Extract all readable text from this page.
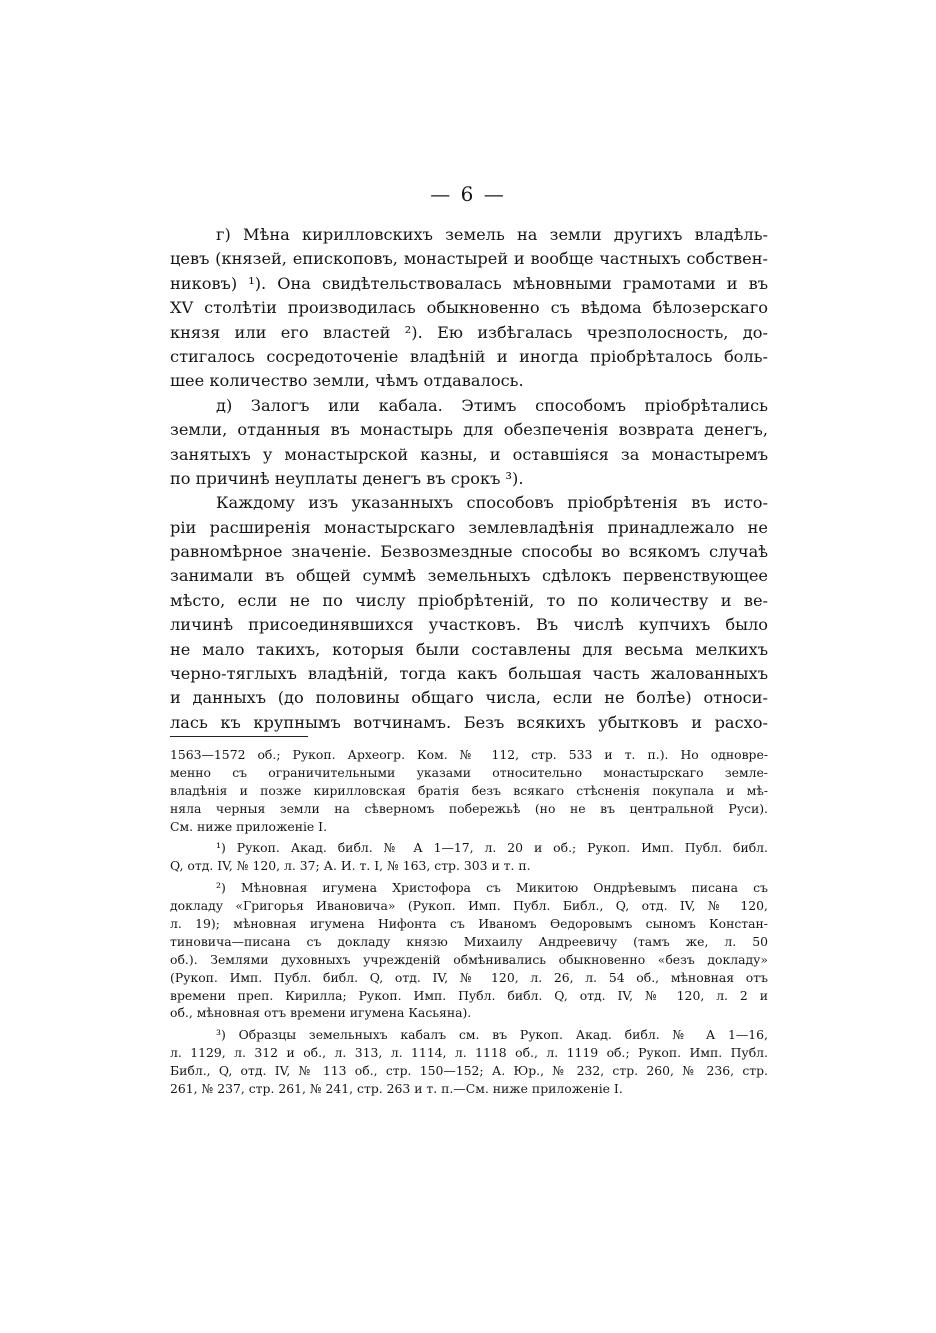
— 6 —
г) Мѣна кирилловскихъ земель на земли другихъ владѣль-
цевъ (князей, епископовъ, монастырей и вообще частныхъ собствен-
никовъ) ¹). Она свидѣтельствовалась мѣновными грамотами и въ
XV столѣтіи производилась обыкновенно съ вѣдома бѣлозерскаго
князя или его властей ²). Ею избѣгалась чрезполосность, до-
стигалось сосредоточеніе владѣній и иногда пріобрѣталось боль-
шее количество земли, чѣмъ отдавалось.
д) Залогъ или кабала. Этимъ способомъ пріобрѣтались
земли, отданныя въ монастырь для обезпеченія возврата денегъ,
занятыхъ у монастырской казны, и оставшіяся за монастыремъ
по причинѣ неуплаты денегъ въ срокъ ³).
Каждому изъ указанныхъ способовъ пріобрѣтенія въ исто-
ріи расширенія монастырскаго землевладѣнія принадлежало не
равномѣрное значеніе. Безвозмездные способы во всякомъ случаѣ
занимали въ общей суммѣ земельныхъ сдѣлокъ первенствующее
мѣсто, если не по числу пріобрѣтеній, то по количеству и ве-
личинѣ присоединявшихся участковъ. Въ числѣ купчихъ было
не мало такихъ, которыя были составлены для весьма мелкихъ
черно-тяглыхъ владѣній, тогда какъ большая часть жалованныхъ
и данныхъ (до половины общаго числа, если не болѣе) относи-
лась къ крупнымъ вотчинамъ. Безъ всякихъ убытковъ и расхо-
1563—1572 об.; Рукоп. Археогр. Ком. № 112, стр. 533 и т. п.). Но одноврe-
менно съ ограничительными указами относительно монастырскаго земле-
владѣнія и позже кирилловская братія безъ всякаго стѣсненія покупала и мѣ-
няла черныя земли на сѣверномъ побережьѣ (но не въ центральной Руси).
См. ниже приложеніе I.
¹) Рукоп. Акад. библ. № А 1—17, л. 20 и об.; Рукоп. Имп. Публ. библ.
Q, отд. IV, № 120, л. 37; А. И. т. I, № 163, стр. 303 и т. п.
²) Мѣновная игумена Христофора съ Микитою Ондрѣевымъ писана съ
докладу «Григорья Ивановича» (Рукоп. Имп. Публ. Библ., Q, отд. IV, № 120,
л. 19); мѣновная игумена Нифонта съ Иваномъ Өедоровымъ сыномъ Констан-
тиновича—писана съ докладу князю Михаилу Андреевичу (тамъ же, л. 50
об.). Землями духовныхъ учрежденій обмѣнивались обыкновенно «безъ докладу»
(Рукоп. Имп. Публ. библ. Q, отд. IV, № 120, л. 26, л. 54 об., мѣновная отъ
времени преп. Кирилла; Рукоп. Имп. Публ. библ. Q, отд. IV, № 120, л. 2 и
об., мѣновная отъ времени игумена Касьяна).
³) Образцы земельныхъ кабалъ см. въ Рукоп. Акад. библ. № А 1—16,
л. 1129, л. 312 и об., л. 313, л. 1114, л. 1118 об., л. 1119 об.; Рукоп. Имп. Публ.
Библ., Q, отд. IV, № 113 об., стр. 150—152; А. Юр., № 232, стр. 260, № 236, стр.
261, № 237, стр. 261, № 241, стр. 263 и т. п.—См. ниже приложеніе I.
